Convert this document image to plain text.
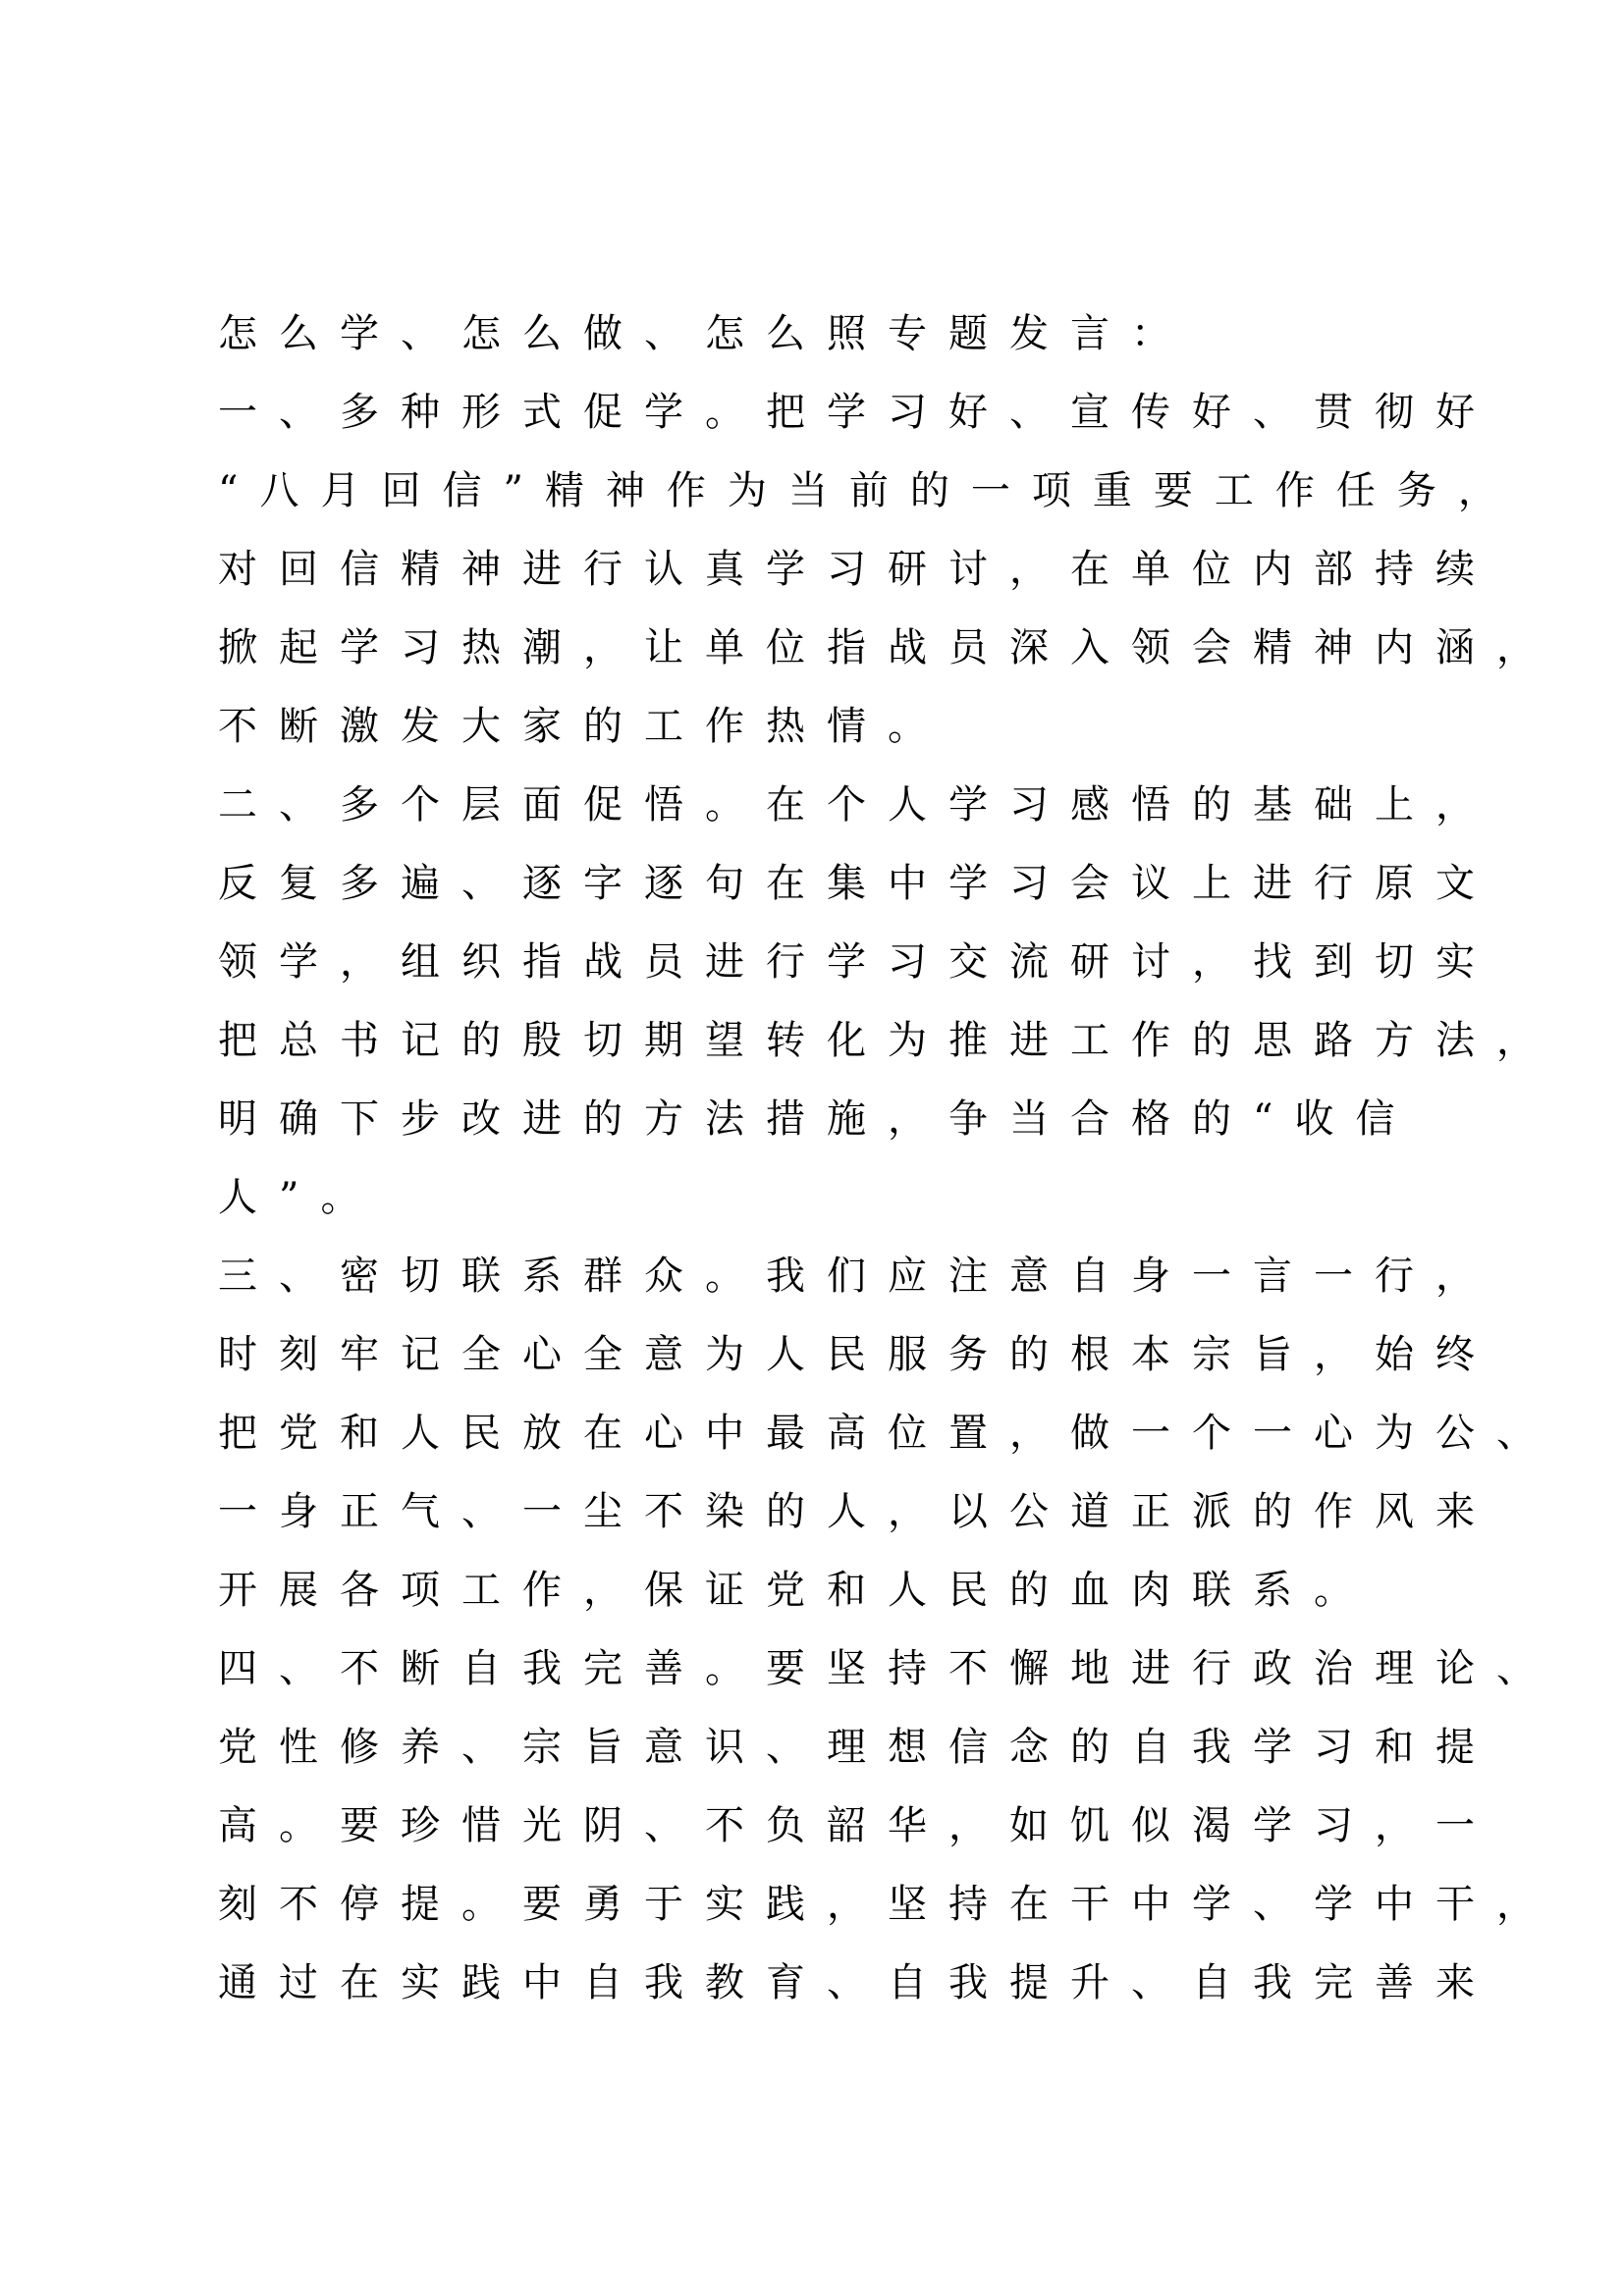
怎么学、怎么做、怎么照专题发言：
一、多种形式促学。把学习好、宣传好、贯彻好
“八月回信”精神作为当前的一项重要工作任务，
对回信精神进行认真学习研讨，在单位内部持续
掀起学习热潮，让单位指战员深入领会精神内涵，
不断激发大家的工作热情。
二、多个层面促悟。在个人学习感悟的基础上，
反复多遍、逐字逐句在集中学习会议上进行原文
领学，组织指战员进行学习交流研讨，找到切实
把总书记的殷切期望转化为推进工作的思路方法，
明确下步改进的方法措施，争当合格的“收信
人”。
三、密切联系群众。我们应注意自身一言一行，
时刻牢记全心全意为人民服务的根本宗旨，始终
把党和人民放在心中最高位置，做一个一心为公、
一身正气、一尘不染的人，以公道正派的作风来
开展各项工作，保证党和人民的血肉联系。
四、不断自我完善。要坚持不懈地进行政治理论、
党性修养、宗旨意识、理想信念的自我学习和提
高。要珍惜光阴、不负韶华，如饥似渴学习，一
刻不停提。要勇于实践，坚持在干中学、学中干，
通过在实践中自我教育、自我提升、自我完善来
